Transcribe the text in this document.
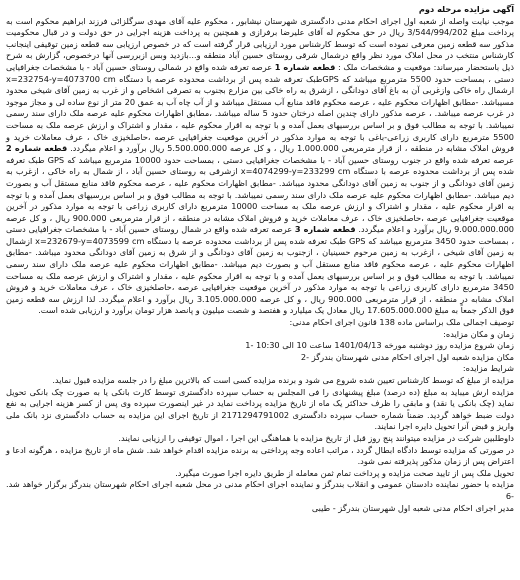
آگهی مزایده مرحله دوم

موجب نیابت واصله از شعبه اول اجرای احکام مدنی دادگستری شهرستان نیشابور ، محکوم علیه آقای مهدی سرگلزائی فرزند ابراهیم محکوم است به پرداخت مبلغ 3/544/994/202 ریال در حق محکوم له آقای علیرضا برفرازی و همچنین به پرداخت هزینه اجرایی در حق دولت و در قبال محکومیت مذکور سه قطعه زمین معرفی نموده است که توسط کارشناس مورد ارزیابی قرار گرفته است که در خصوص ارزیابی سه قطعه زمین توقیفی اینجانب کارشناس منتخب در محل املاک مورد نظر واقع درشمال شرقی روستای حسین آباد منطقه و...بازدید وبس ازبررسی آنها درخصوص، گزارش به شرح ذیل باستحضار میرساند: موقعیت و مشخصات ملک : قطعه شماره 1 عرصه تعرفه شده واقع در شمالی روستای حسین آباد - با مشخصات جغرافیایی دستی ، بمساحت حدود 5500 مترمربع میباشد که GPSطبک تعرفه شده پس از برداشت محدوده عرصه با دستگاه x=232754-y=4073700 cm ارشمال راه خاکی وازغربی آن به باغ آقای دودانگی ، ازشرق به راه خاکی بین مزارع بجنوب به تصرفی اشخاص و از غرب به زمین آقای شیخی محدود مسیباشد. -مطابق اظهارات محکوم علیه ، عرصه محکوم فاقد منابع آب مستقل میباشد و از آب چاه آب به عمق 20 متر از نوع ساده لی و مجاز موجود در غرب عرصه میباشد. ، عرصه مذکور دارای چندین اصله درختان حدود 5 ساله میباشد. ،مطابق اظهارات محکوم علیه عرصه ملک دارای سند رسمی نمیباشد. با توجه به مطالب فوق و بر اساس بررسیهای بعمل آمده و با توجه به اقرار محکوم علیه ، مقدار و اشتراک و ارزش عرصه ملک به مساحت 5500 مترمربع دارای کاربری زراعی-باغی با توجه به موارد مذکور در آخرین موقعیت جغرافیایی عرصه ،حاصلخیزی خاک ، عرف معاملات خرید و فروش املاک مشابه در منطقه ، از قرار مترمربعی 1.000.000 ریال ، و کل عرصه 5.500.000.000 ریال برآورد و اعلام میگردد. قطعه شماره 2 عرصه تعرفه شده واقع در جنوب روستای حسین آباد - با مشخصات جغرافیایی دستی ، بمساحت حدود 10000 مترمربع میباشد که GPS طبک تعرفه شده پس از برداشت محدوده عرصه با دستگاه x=4074299-y=233299 cm ازشرقی به روستای حسین آباد ، از شمال به راه خاکی ، ازغرب به زمین آقای دودانگی و از جنوب به زمین آقای دودانگی محدود میباشد. -مطابق اظهارات محکوم علیه ، عرصه محکوم فاقد منابع مستقل آب و بصورت دیم میباشد. -مطابق اظهارات محکوم علیه عرصه ملک دارای سند رسمی نمیباشد. با توجه به مطالب فوق و بر اساس بررسیهای بعمل آمده و با توجه به اقرار محکوم علیه ، مقدار و اشتراک و ارزش عرصه ملک به مساحت 10000 مترمربع دارای کاربری زراعی با توجه به موارد مذکور در آخرین موقعیت جغرافیایی عرصه ،حاصلخیزی خاک ، عرف معاملات خرید و فروش املاک مشابه در منطقه ، از قرار مترمربعی 900.000 ریال ، و کل عرصه 9.000.000.000 ریال برآورد و اعلام میگردد. قطعه شماره 3 عرصه تعرفه شده واقع در شمال روستای حسین آباد - با مشخصات جغرافیایی دستی ، بمساحت حدود 3450 مترمربع میباشد که GPS طبک تعرفه شده پس از برداشت محدوده عرصه با دستگاه x=232679-y=4073599 cm ازشمال به زمین آقای شیخی ، ازغرب به زمین مرحوم حسینیان ، ازجنوب به زمین آقای دودانگی و از شرق به زمین آقای دودانگی محدود میباشد. -مطابق اظهارات محکوم علیه ، عرصه محکوم فاقد منابع مستقل آب و بصورت دیم میباشد. -مطابق اظهارات محکوم علیه عرصه ملک دارای سند رسمی نمیباشد. با توجه به مطالب فوق و بر اساس بررسیهای بعمل آمده و با توجه به اقرار محکوم علیه ، مقدار و اشتراک و ارزش عرصه ملک به مساحت 3450 مترمربع دارای کاربری زراعی با توجه به موارد مذکور در آخرین موقعیت جغرافیایی عرصه ،حاصلخیزی خاک ، عرف معاملات خرید و فروش املاک مشابه در منطقه ، از قرار مترمربعی 900.000 ریال ، و کل عرصه 3.105.000.000 ریال برآورد و اعلام میگردد. لذا ارزش سه قطعه زمین فوق الذکر جمعاً به مبلغ 17.605.000.000 ریال معادل یک میلیارد و هفتصد و شصت میلیون و پانصد هزار تومان برآورد و ارزیابی شده است.

توصیف اجمالی ملک براساس ماده 138 قانون اجرای احکام مدنی:

زمان و مکان مزایده:

زمان شروع مزایده روز دوشنبه مورخه 1401/04/13 ساعت 10 الی 10:30 -1

مکان مزایده شعبه اول اجرای احکام مدنی شهرستان بندرگز -2

شرایط مزایده:

مزایده از مبلغ که توسط کارشناس تعیین شده شروع می شود و برنده مزایده کسی است که بالاترین مبلغ را در جلسه مزایده قبول نماید.

مزایده ارش میباید به مبلغ (ده درصد) مبلغ پیشنهادی را فی المجلس به حساب سپرده دادگستری توسط کارت بانکی یا به صورت چک بانکی تحویل نماید (چک بانکی یا نقد) و مابقی را ظرف حداکثر یک ماه از تاریخ مزایده پرداخت نماید در غیر اینصورت سپرده وی پس از کسر هزینه اجرایی به نفع دولت ضبط خواهد گردید. ضمناً شماره حساب سپرده دادگستری 2171294791002 از تاریخ اجرای این مزایده به حساب دادگستری نزد بانک ملی واریز و قبض آنرا تحویل دایره اجرا نمایند.

داوطلبین شرکت در مزایده میتوانند پنج روز قبل از تاریخ مزایده با هماهنگی این اجرا ، اموال توقیفی را ارزیابی نمایند.

در صورتی که مزایده توسط دادگاه ابطال گردد ، مراتب اعاده وجه پرداختی به برنده مزایده اقدام خواهد شد. شش ماه از تاریخ مزایده ، هرگونه ادعا و اعتراض پس از زمان مذکور پذیرفته نمی شود.

تحویل ملک پس از تایید صحت مزایده و پرداخت تمام ثمن معامله از طریق دایره اجرا صورت میگیرد.

مزایده با حضور نماینده دادستان عمومی و انقلاب بندرگز و نماینده اجرای احکام مدنی در محل شعبه اجرای احکام شهرستان بندرگز برگزار خواهد شد. -6

مدیر اجرای احکام مدنی شعبه اول شهرستان بندرگز - طیبی
